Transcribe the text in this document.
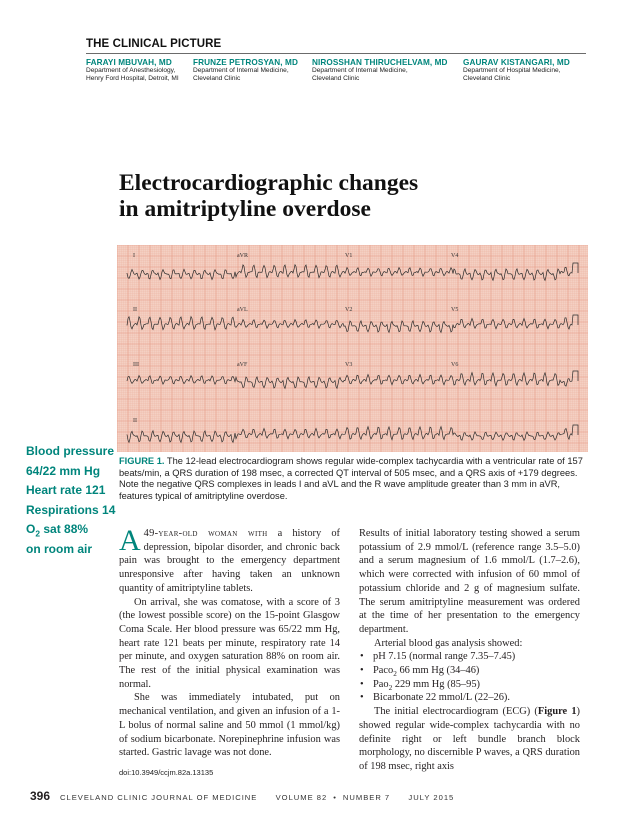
THE CLINICAL PICTURE
FARAYI MBUVAH, MD
Department of Anesthesiology,
Henry Ford Hospital, Detroit, MI
FRUNZE PETROSYAN, MD
Department of Internal Medicine,
Cleveland Clinic
NIROSSHAN THIRUCHELVAM, MD
Department of Internal Medicine,
Cleveland Clinic
GAURAV KISTANGARI, MD
Department of Hospital Medicine,
Cleveland Clinic
Electrocardiographic changes
in amitriptyline overdose
I	aVR	V1	V4
II	aVL	V2	V5
III	aVF	V3	V6
II
Blood pressure
64/22 mm Hg
Heart rate 121
Respirations 14
$O_2$ sat 88%
on room air
FIGURE 1. The 12-lead electrocardiogram shows regular wide-complex tachycardia with a ventricular rate of 157 beats/min, a QRS duration of 198 msec, a corrected QT interval of 505 msec, and a QRS axis of +179 degrees. Note the negative QRS complexes in leads I and aVL and the R wave amplitude greater than 3 mm in aVR, features typical of amitriptyline overdose.

A 49-year-old woman with a history of depression, bipolar disorder, and chronic back pain was brought to the emergency department unresponsive after having taken an unknown quantity of amitriptyline tablets.

On arrival, she was comatose, with a score of 3 (the lowest possible score) on the 15-point Glasgow Coma Scale. Her blood pressure was 65/22 mm Hg, heart rate 121 beats per minute, respiratory rate 14 per minute, and oxygen saturation 88% on room air. The rest of the initial physical examination was normal.

She was immediately intubated, put on mechanical ventilation, and given an infusion of a 1-L bolus of normal saline and 50 mmol (1 mmol/kg) of sodium bicarbonate. Norepinephrine infusion was started. Gastric lavage was not done.

Results of initial laboratory testing showed a serum potassium of 2.9 mmol/L (reference range 3.5–5.0) and a serum magnesium of 1.6 mmol/L (1.7–2.6), which were corrected with infusion of 60 mmol of potassium chloride and 2 g of magnesium sulfate. The serum amitriptyline measurement was ordered at the time of her presentation to the emergency department.

Arterial blood gas analysis showed:

• pH 7.15 (normal range 7.35–7.45)
• Paco$_2$ 66 mm Hg (34–46)
• Pao$_2$ 229 mm Hg (85–95)
• Bicarbonate 22 mmol/L (22–26).

The initial electrocardiogram (ECG) (Figure 1) showed regular wide-complex tachycardia with no definite right or left bundle branch block morphology, no discernible P waves, a QRS duration of 198 msec, right axis

doi:10.3949/ccjm.82a.13135
396 CLEVELAND CLINIC JOURNAL OF MEDICINE VOLUME 82 • NUMBER 7 JULY 2015
